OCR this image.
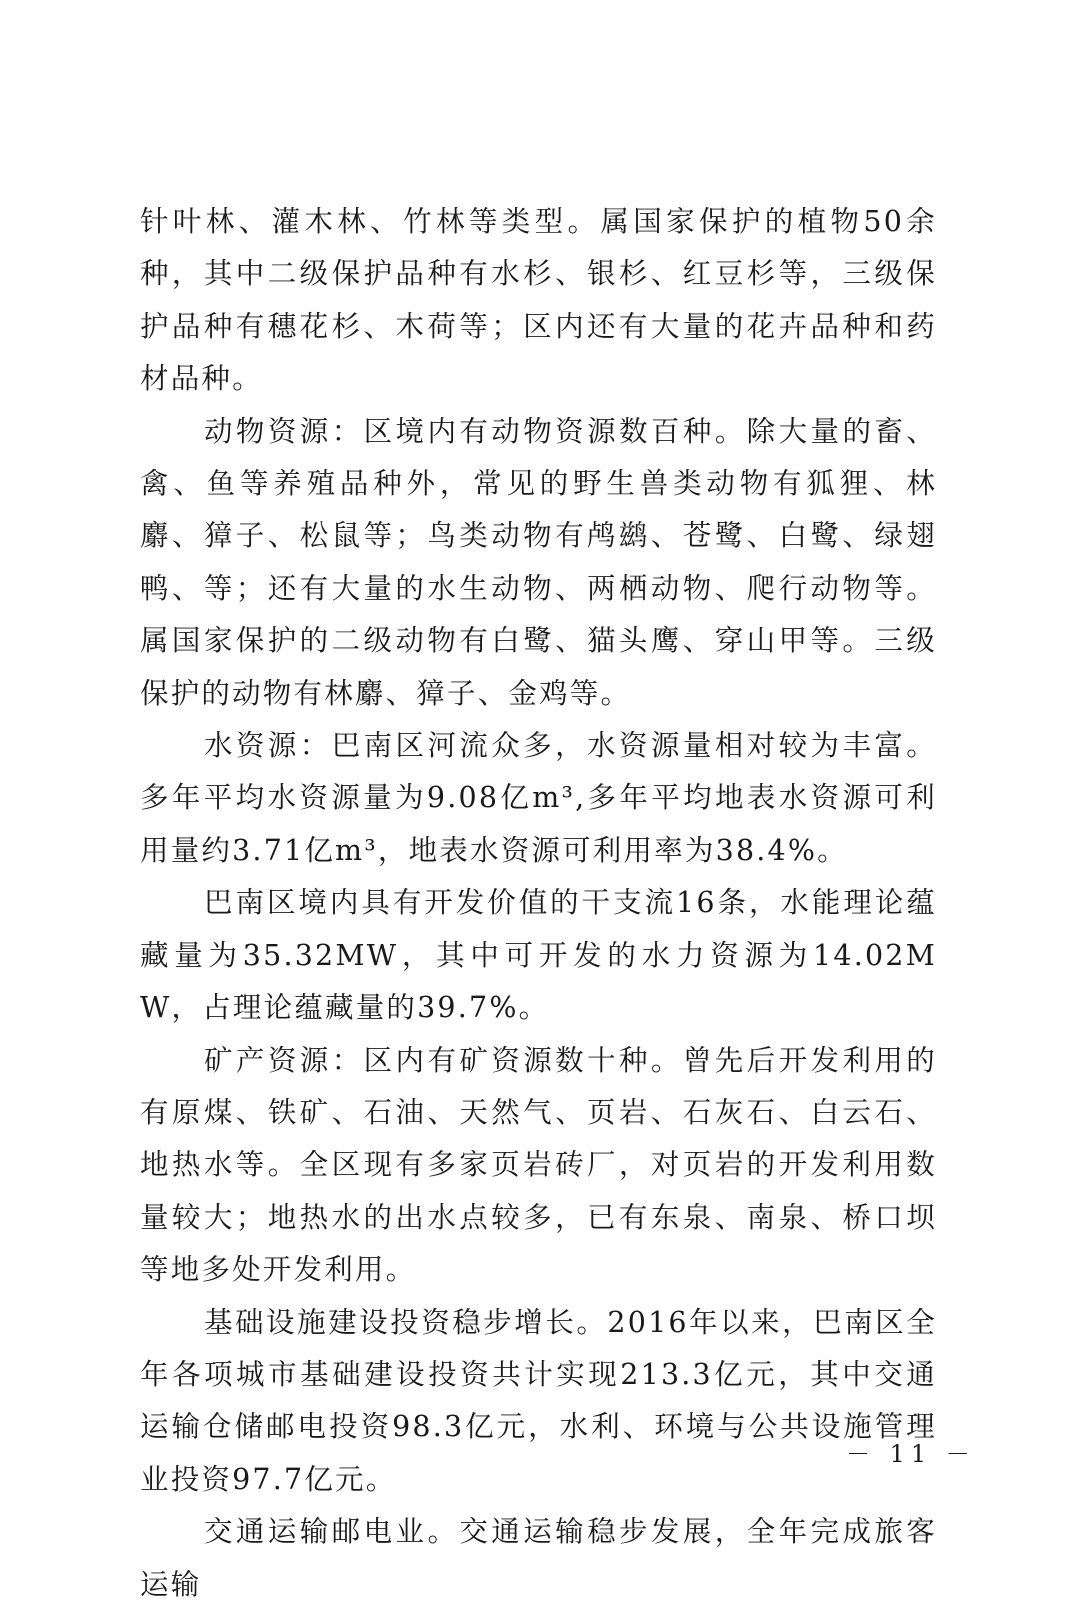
针叶林、灌木林、竹林等类型。属国家保护的植物50余种，其中二级保护品种有水杉、银杉、红豆杉等，三级保护品种有穗花杉、木荷等；区内还有大量的花卉品种和药材品种。

动物资源：区境内有动物资源数百种。除大量的畜、禽、鱼等养殖品种外，常见的野生兽类动物有狐狸、林麝、獐子、松鼠等；鸟类动物有鸬鹚、苍鹭、白鹭、绿翅鸭、等；还有大量的水生动物、两栖动物、爬行动物等。属国家保护的二级动物有白鹭、猫头鹰、穿山甲等。三级保护的动物有林麝、獐子、金鸡等。

水资源：巴南区河流众多，水资源量相对较为丰富。多年平均水资源量为9.08亿m³,多年平均地表水资源可利用量约3.71亿m³，地表水资源可利用率为38.4%。

巴南区境内具有开发价值的干支流16条，水能理论蕴藏量为35.32MW，其中可开发的水力资源为14.02MW，占理论蕴藏量的39.7%。

矿产资源：区内有矿资源数十种。曾先后开发利用的有原煤、铁矿、石油、天然气、页岩、石灰石、白云石、地热水等。全区现有多家页岩砖厂，对页岩的开发利用数量较大；地热水的出水点较多，已有东泉、南泉、桥口坝等地多处开发利用。

基础设施建设投资稳步增长。2016年以来，巴南区全年各项城市基础建设投资共计实现213.3亿元，其中交通运输仓储邮电投资98.3亿元，水利、环境与公共设施管理业投资97.7亿元。

交通运输邮电业。交通运输稳步发展，全年完成旅客运输

－ 11 －
